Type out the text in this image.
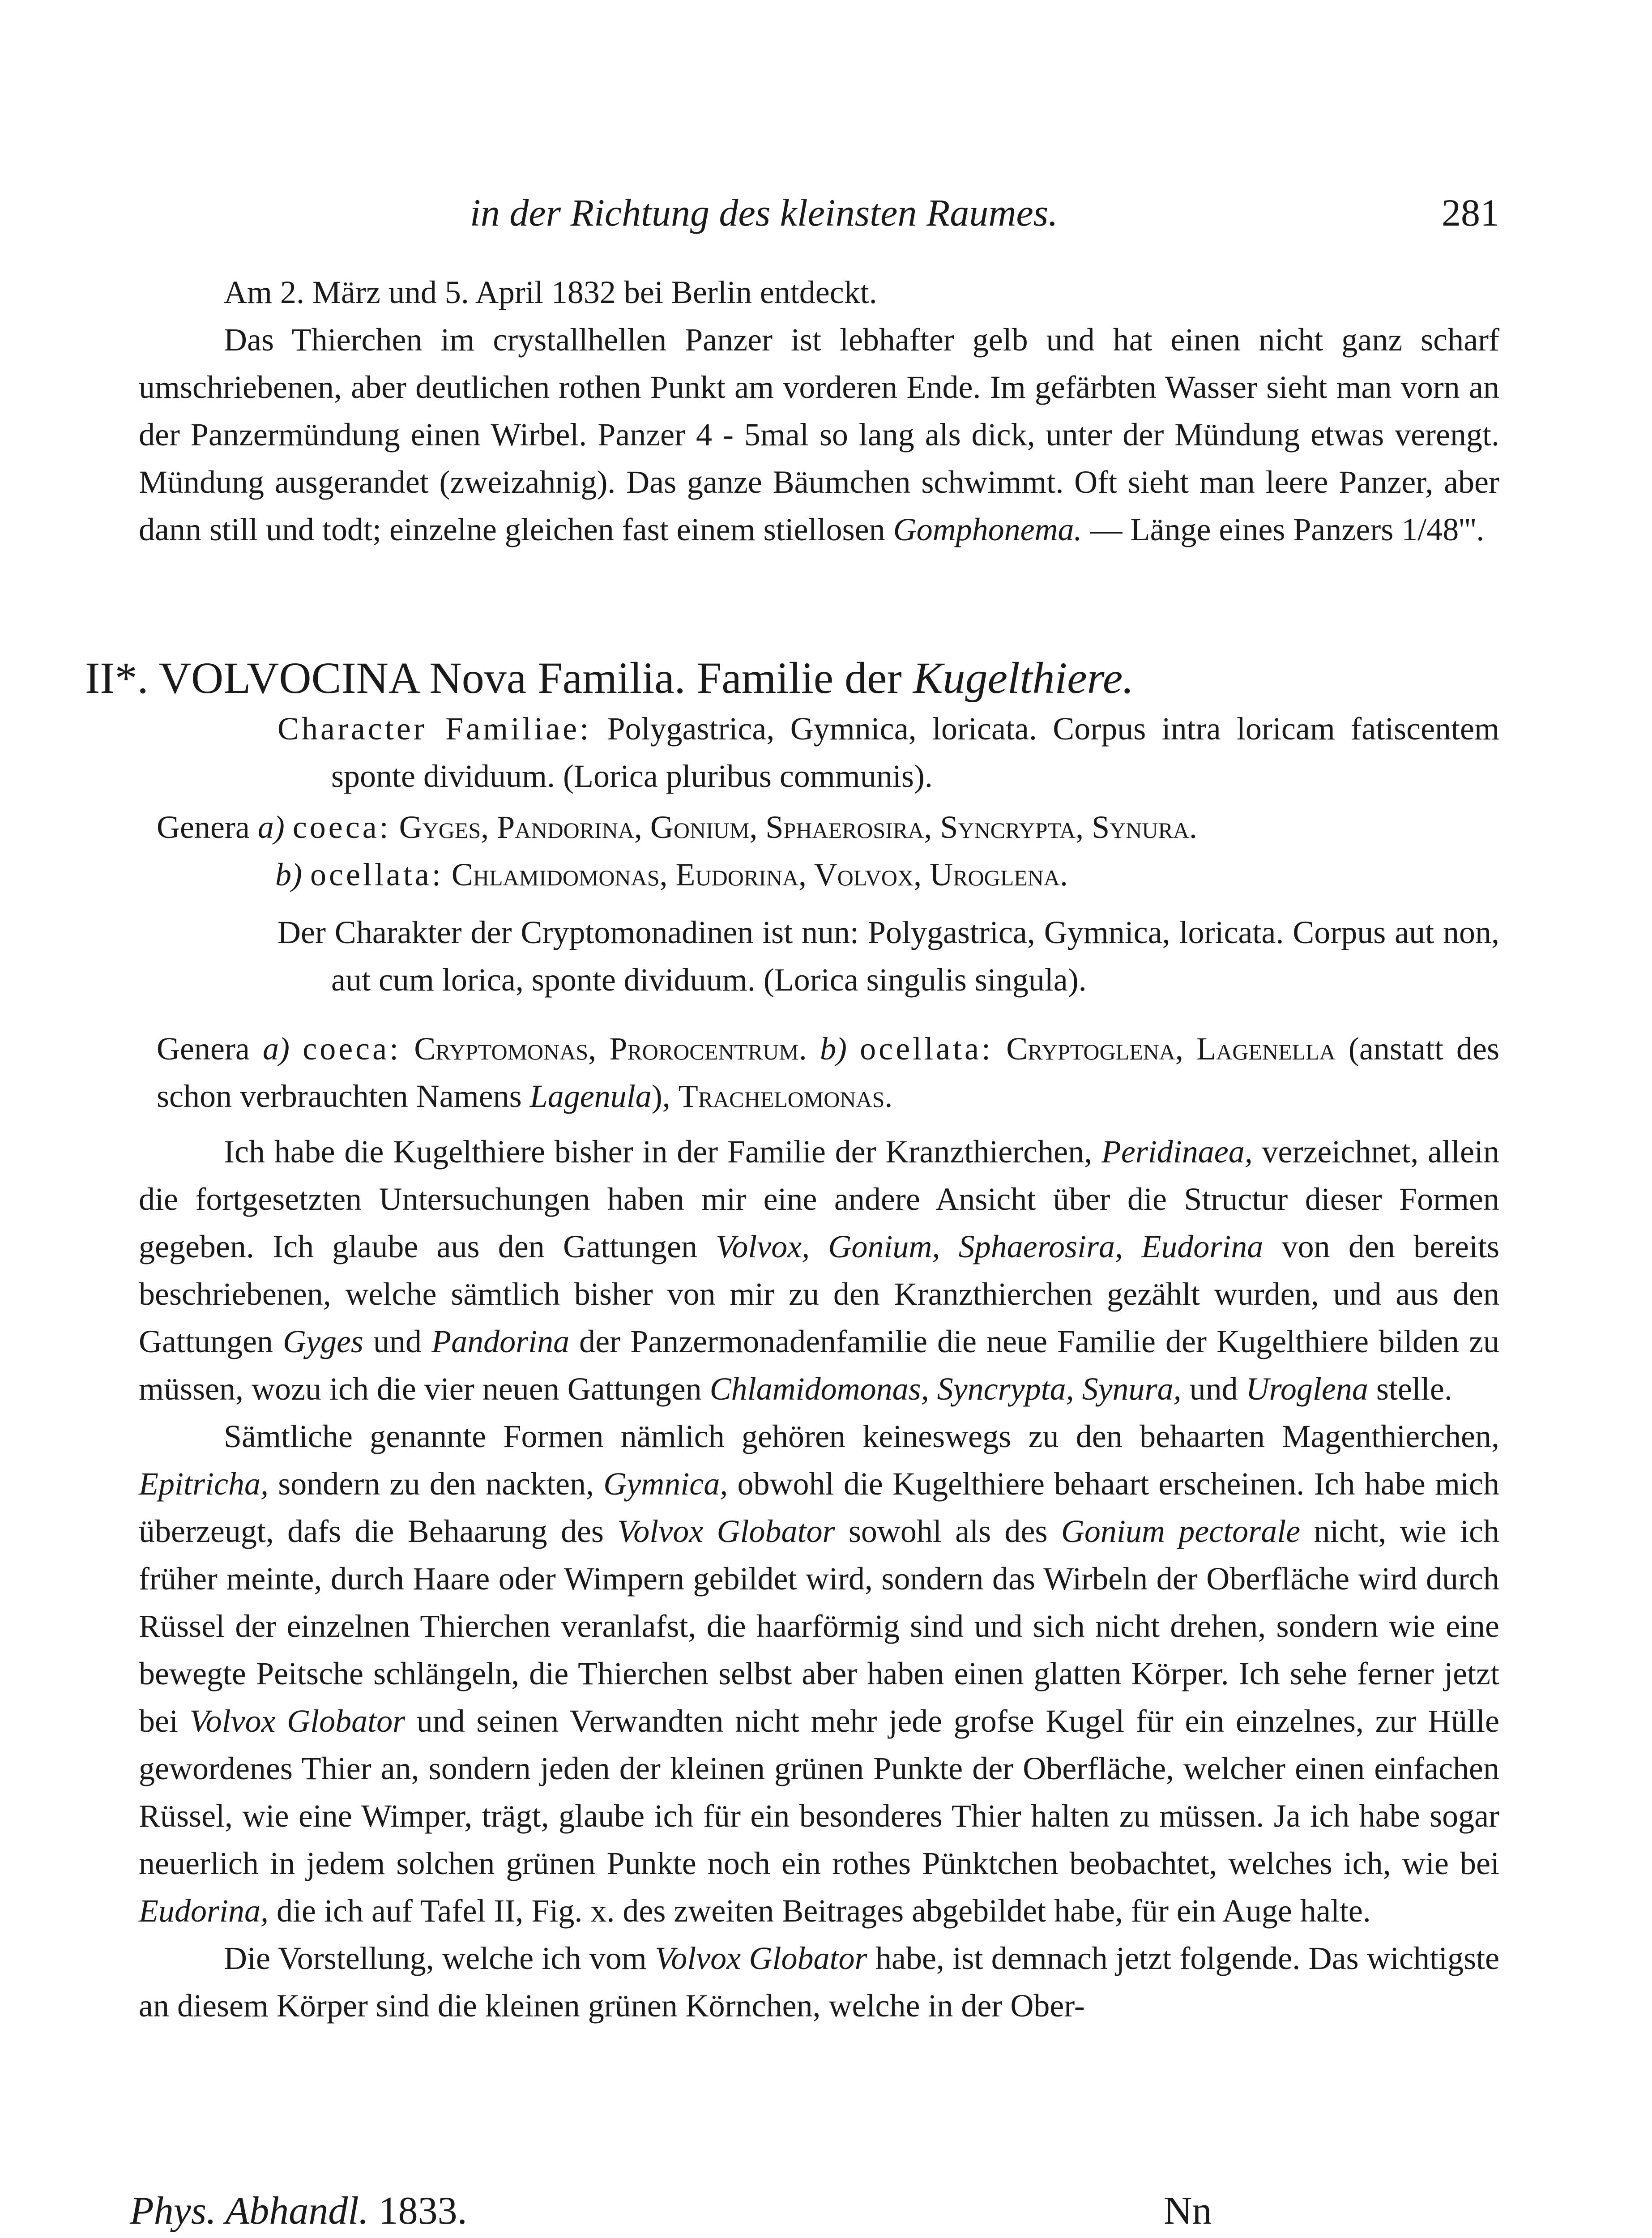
in der Richtung des kleinsten Raumes.	281

Am 2. März und 5. April 1832 bei Berlin entdeckt.

Das Thierchen im crystallhellen Panzer ist lebhafter gelb und hat einen nicht ganz scharf umschriebenen, aber deutlichen rothen Punkt am vorderen Ende. Im gefärbten Wasser sieht man vorn an der Panzermündung einen Wirbel. Panzer 4 - 5mal so lang als dick, unter der Mündung etwas verengt. Mündung ausgerandet (zweizahnig). Das ganze Bäumchen schwimmt. Oft sieht man leere Panzer, aber dann still und todt; einzelne gleichen fast einem stiellosen Gomphonema. — Länge eines Panzers 1/48'''.

II*. VOLVOCINA Nova Familia. Familie der Kugelthiere.

Character Familiae: Polygastrica, Gymnica, loricata. Corpus intra loricam fatiscentem sponte dividuum. (Lorica pluribus communis).

Genera a) coeca: Gyges, Pandorina, Gonium, Sphaerosira, Syncrypta, Synura.

b) ocellata: Chlamidomonas, Eudorina, Volvox, Uroglena.

Der Charakter der Cryptomonadinen ist nun: Polygastrica, Gymnica, loricata. Corpus aut non, aut cum lorica, sponte dividuum. (Lorica singulis singula).

Genera a) coeca: Cryptomonas, Prorocentrum. b) ocellata: Cryptoglena, Lagenella (anstatt des schon verbrauchten Namens Lagenula), Trachelomonas.

Ich habe die Kugelthiere bisher in der Familie der Kranzthierchen, Peridinaea, verzeichnet, allein die fortgesetzten Untersuchungen haben mir eine andere Ansicht über die Structur dieser Formen gegeben. Ich glaube aus den Gattungen Volvox, Gonium, Sphaerosira, Eudorina von den bereits beschriebenen, welche sämtlich bisher von mir zu den Kranzthierchen gezählt wurden, und aus den Gattungen Gyges und Pandorina der Panzermonadenfamilie die neue Familie der Kugelthiere bilden zu müssen, wozu ich die vier neuen Gattungen Chlamidomonas, Syncrypta, Synura, und Uroglena stelle.

Sämtliche genannte Formen nämlich gehören keineswegs zu den behaarten Magenthierchen, Epitricha, sondern zu den nackten, Gymnica, obwohl die Kugelthiere behaart erscheinen. Ich habe mich überzeugt, dafs die Behaarung des Volvox Globator sowohl als des Gonium pectorale nicht, wie ich früher meinte, durch Haare oder Wimpern gebildet wird, sondern das Wirbeln der Oberfläche wird durch Rüssel der einzelnen Thierchen veranlafst, die haarförmig sind und sich nicht drehen, sondern wie eine bewegte Peitsche schlängeln, die Thierchen selbst aber haben einen glatten Körper. Ich sehe ferner jetzt bei Volvox Globator und seinen Verwandten nicht mehr jede grofse Kugel für ein einzelnes, zur Hülle gewordenes Thier an, sondern jeden der kleinen grünen Punkte der Oberfläche, welcher einen einfachen Rüssel, wie eine Wimper, trägt, glaube ich für ein besonderes Thier halten zu müssen. Ja ich habe sogar neuerlich in jedem solchen grünen Punkte noch ein rothes Pünktchen beobachtet, welches ich, wie bei Eudorina, die ich auf Tafel II, Fig. x. des zweiten Beitrages abgebildet habe, für ein Auge halte.

Die Vorstellung, welche ich vom Volvox Globator habe, ist demnach jetzt folgende. Das wichtigste an diesem Körper sind die kleinen grünen Körnchen, welche in der Ober-

Phys. Abhandl. 1833.	Nn
